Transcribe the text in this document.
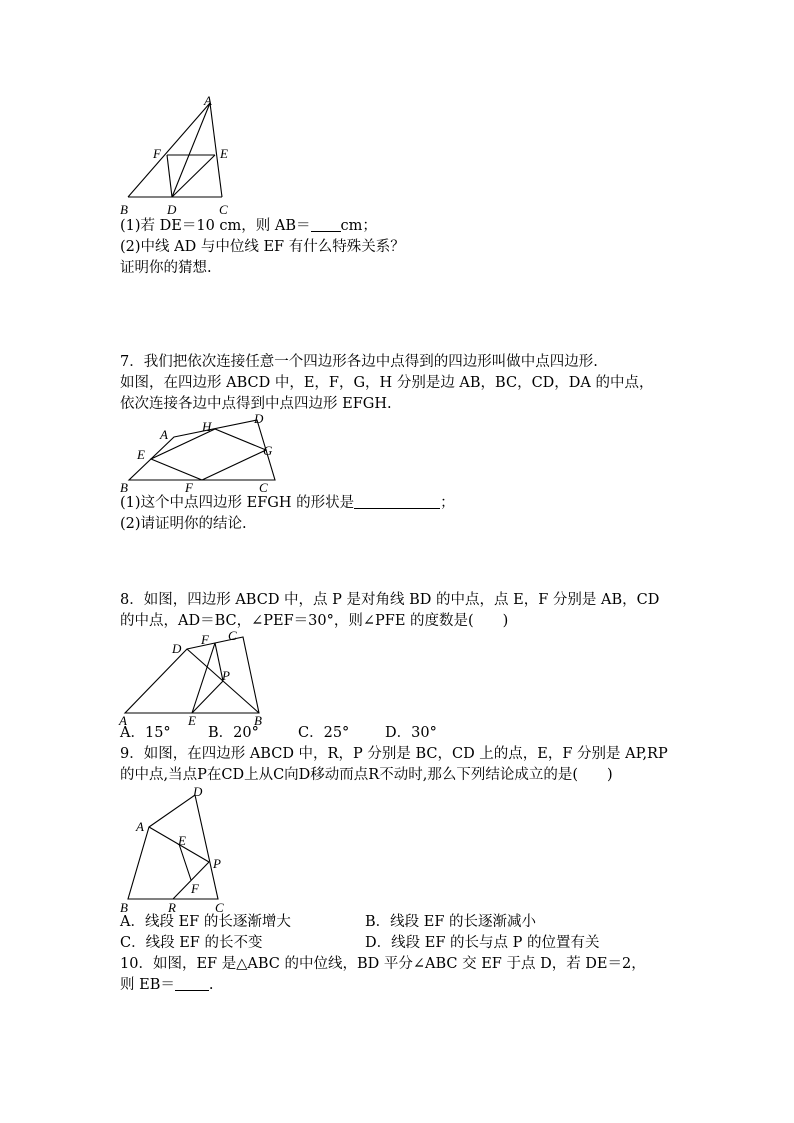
A
F	E
B	D	C
(1)若 DE＝10 cm，则 AB＝ cm；
(2)中线 AD 与中位线 EF 有什么特殊关系？
证明你的猜想.
7．我们把依次连接任意一个四边形各边中点得到的四边形叫做中点四边形.
如图，在四边形 ABCD 中，E，F，G，H 分别是边 AB，BC，CD，DA 的中点，
依次连接各边中点得到中点四边形 EFGH.
A
H
D
E	G
B	F	C
(1)这个中点四边形 EFGH 的形状是	；
(2)请证明你的结论.
8．如图，四边形 ABCD 中，点 P 是对角线 BD 的中点，点 E，F 分别是 AB，CD
的中点，AD＝BC，∠PEF＝30°，则∠PFE 的度数是(　　)
D
F C
P
A	E	B
A．15°	B．20°	C．25° D．30°
9．如图，在四边形 ABCD 中，R，P 分别是 BC，CD 上的点，E，F 分别是 AP,RP
的中点,当点P在CD上从C向D移动而点R不动时,那么下列结论成立的是(　　)
D
A
E
P
F
B	R	C
A．线段 EF 的长逐渐增大	B．线段 EF 的长逐渐减小
C．线段 EF 的长不变	D．线段 EF 的长与点 P 的位置有关
10．如图，EF 是△ABC 的中位线，BD 平分∠ABC 交 EF 于点 D，若 DE＝2，
则 EB＝ .
